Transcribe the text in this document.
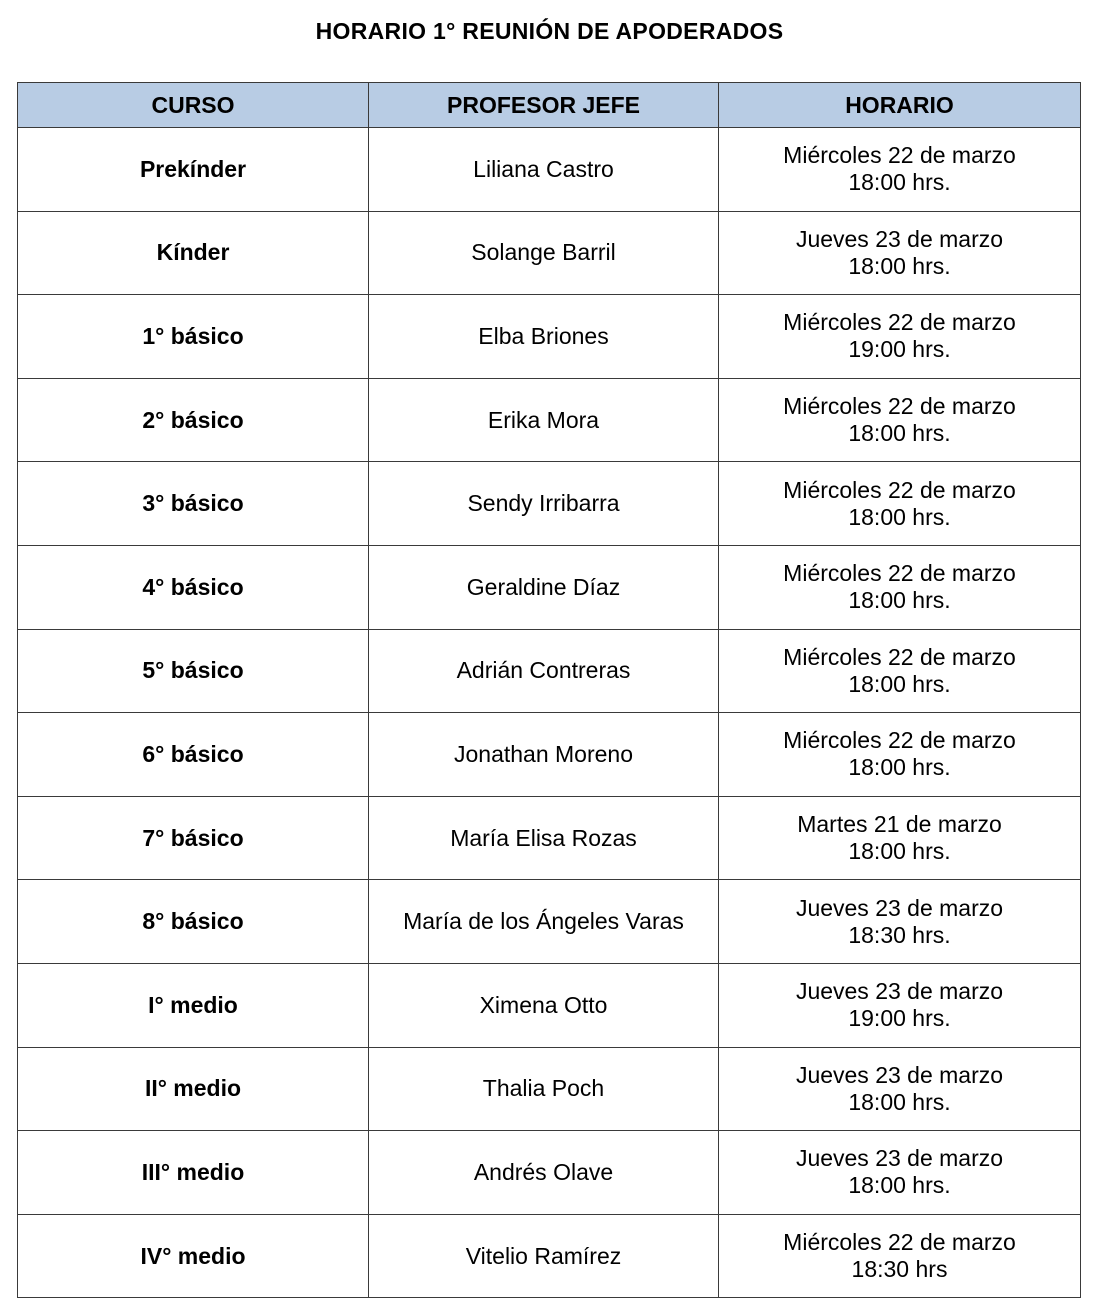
HORARIO 1° REUNIÓN DE APODERADOS
CURSO	PROFESOR JEFE	HORARIO
Prekínder	Liliana Castro	Miércoles 22 de marzo
18:00 hrs.

Kínder	Solange Barril	Jueves 23 de marzo
18:00 hrs.

1° básico	Elba Briones	Miércoles 22 de marzo
19:00 hrs.

2° básico	Erika Mora	Miércoles 22 de marzo
18:00 hrs.

3° básico	Sendy Irribarra	Miércoles 22 de marzo
18:00 hrs.

4° básico	Geraldine Díaz	Miércoles 22 de marzo
18:00 hrs.

5° básico	Adrián Contreras	Miércoles 22 de marzo
18:00 hrs.

6° básico	Jonathan Moreno	Miércoles 22 de marzo
18:00 hrs.

7° básico	María Elisa Rozas	Martes 21 de marzo
18:00 hrs.

8° básico	María de los Ángeles Varas	Jueves 23 de marzo
18:30 hrs.

I° medio	Ximena Otto	Jueves 23 de marzo
19:00 hrs.

II° medio	Thalia Poch	Jueves 23 de marzo
18:00 hrs.

III° medio	Andrés Olave	Jueves 23 de marzo
18:00 hrs.

IV° medio	Vitelio Ramírez	Miércoles 22 de marzo
18:30 hrs
